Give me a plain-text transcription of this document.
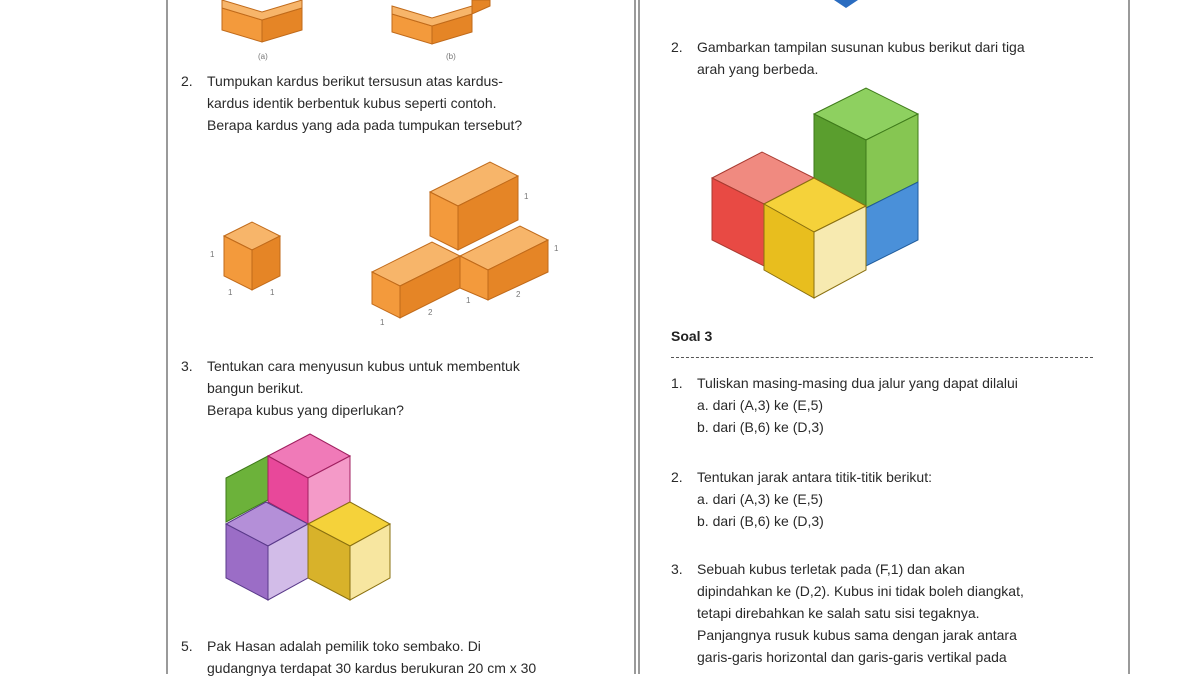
(a)	(b)
2. Tumpukan kardus berikut tersusun atas kardus-
kardus identik berbentuk kubus seperti contoh.
Berapa kardus yang ada pada tumpukan tersebut?
1
1	1
1
1
1
2
1
2
3. Tentukan cara menyusun kubus untuk membentuk
bangun berikut.
Berapa kubus yang diperlukan?
5. Pak Hasan adalah pemilik toko sembako. Di
gudangnya terdapat 30 kardus berukuran 20 cm x 30
2. Gambarkan tampilan susunan kubus berikut dari tiga
arah yang berbeda.
Soal 3
1. Tuliskan masing-masing dua jalur yang dapat dilalui
a. dari (A,3) ke (E,5)
b. dari (B,6) ke (D,3)
2. Tentukan jarak antara titik-titik berikut:
a. dari (A,3) ke (E,5)
b. dari (B,6) ke (D,3)
3. Sebuah kubus terletak pada (F,1) dan akan
dipindahkan ke (D,2). Kubus ini tidak boleh diangkat,
tetapi direbahkan ke salah satu sisi tegaknya.
Panjangnya rusuk kubus sama dengan jarak antara
garis-garis horizontal dan garis-garis vertikal pada
